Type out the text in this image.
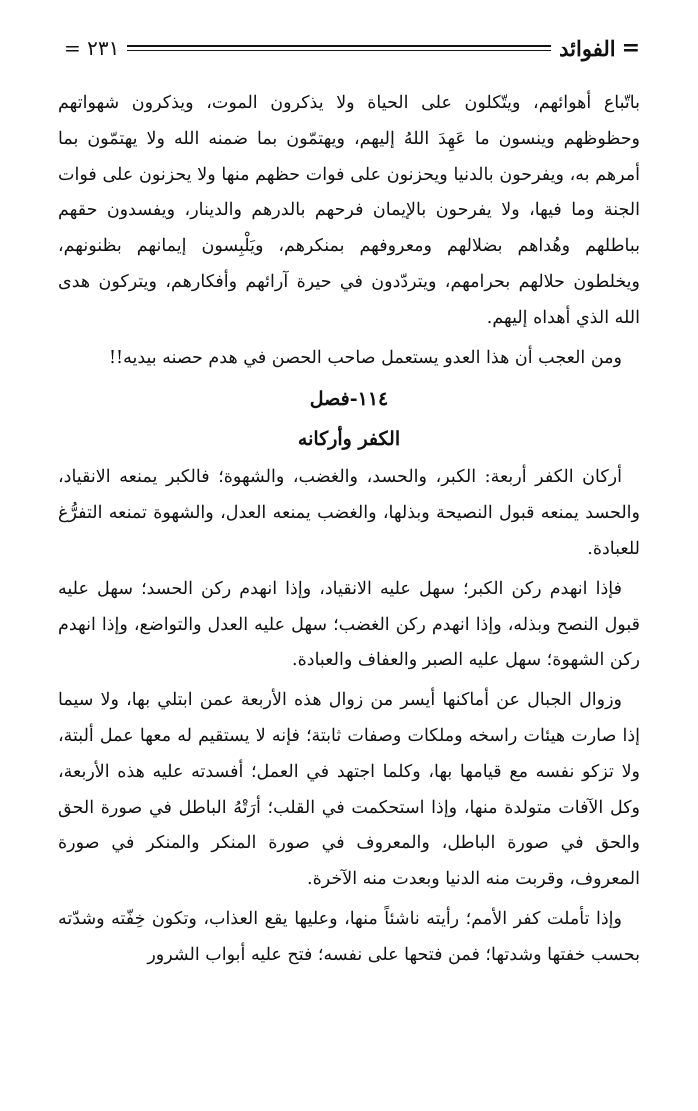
=
الفوائد
٢٣١ =

باتّباع أهوائهم، ويتّكلون على الحياة ولا يذكرون الموت، ويذكرون شهواتهم وحظوظهم وينسون ما عَهِدَ اللهُ إليهم، ويهتمّون بما ضمنه الله ولا يهتمّون بما أمرهم به، ويفرحون بالدنيا ويحزنون على فوات حظهم منها ولا يحزنون على فوات الجنة وما فيها، ولا يفرحون بالإيمان فرحهم بالدرهم والدينار، ويفسدون حقهم بباطلهم وهُداهم بضلالهم ومعروفهم بمنكرهم، ويَلْبِسون إيمانهم بظنونهم، ويخلطون حلالهم بحرامهم، ويتردّدون في حيرة آرائهم وأفكارهم، ويتركون هدى الله الذي أهداه إليهم.

ومن العجب أن هذا العدو يستعمل صاحب الحصن في هدم حصنه بيديه!!

١١٤-فصل
الكفر وأركانه

أركان الكفر أربعة: الكبر، والحسد، والغضب، والشهوة؛ فالكبر يمنعه الانقياد، والحسد يمنعه قبول النصيحة وبذلها، والغضب يمنعه العدل، والشهوة تمنعه التفرُّغ للعبادة.

فإذا انهدم ركن الكبر؛ سهل عليه الانقياد، وإذا انهدم ركن الحسد؛ سهل عليه قبول النصح وبذله، وإذا انهدم ركن الغضب؛ سهل عليه العدل والتواضع، وإذا انهدم ركن الشهوة؛ سهل عليه الصبر والعفاف والعبادة.

وزوال الجبال عن أماكنها أيسر من زوال هذه الأربعة عمن ابتلي بها، ولا سيما إذا صارت هيئات راسخه وملكات وصفات ثابتة؛ فإنه لا يستقيم له معها عمل ألبتة، ولا تزكو نفسه مع قيامها بها، وكلما اجتهد في العمل؛ أفسدته عليه هذه الأربعة، وكل الآفات متولدة منها، وإذا استحكمت في القلب؛ أرَتْهُ الباطل في صورة الحق والحق في صورة الباطل، والمعروف في صورة المنكر والمنكر في صورة المعروف، وقربت منه الدنيا وبعدت منه الآخرة.

وإذا تأملت كفر الأمم؛ رأيته ناشئاً منها، وعليها يقع العذاب، وتكون خِفّته وشدّته بحسب خفتها وشدتها؛ فمن فتحها على نفسه؛ فتح عليه أبواب الشرور
